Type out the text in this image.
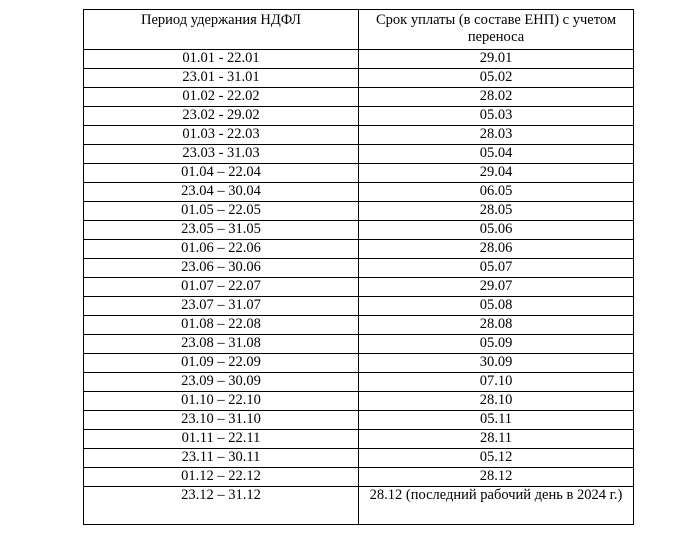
Период удержания НДФЛ	Срок уплаты (в составе ЕНП) с учетом переноса
01.01 - 22.01	29.01
23.01 - 31.01	05.02
01.02 - 22.02	28.02
23.02 - 29.02	05.03
01.03 - 22.03	28.03
23.03 - 31.03	05.04
01.04 – 22.04	29.04
23.04 – 30.04	06.05
01.05 – 22.05	28.05
23.05 – 31.05	05.06
01.06 – 22.06	28.06
23.06 – 30.06	05.07
01.07 – 22.07	29.07
23.07 – 31.07	05.08
01.08 – 22.08	28.08
23.08 – 31.08	05.09
01.09 – 22.09	30.09
23.09 – 30.09	07.10
01.10 – 22.10	28.10
23.10 – 31.10	05.11
01.11 – 22.11	28.11
23.11 – 30.11	05.12
01.12 – 22.12	28.12
23.12 – 31.12	28.12 (последний рабочий день в 2024 г.)
